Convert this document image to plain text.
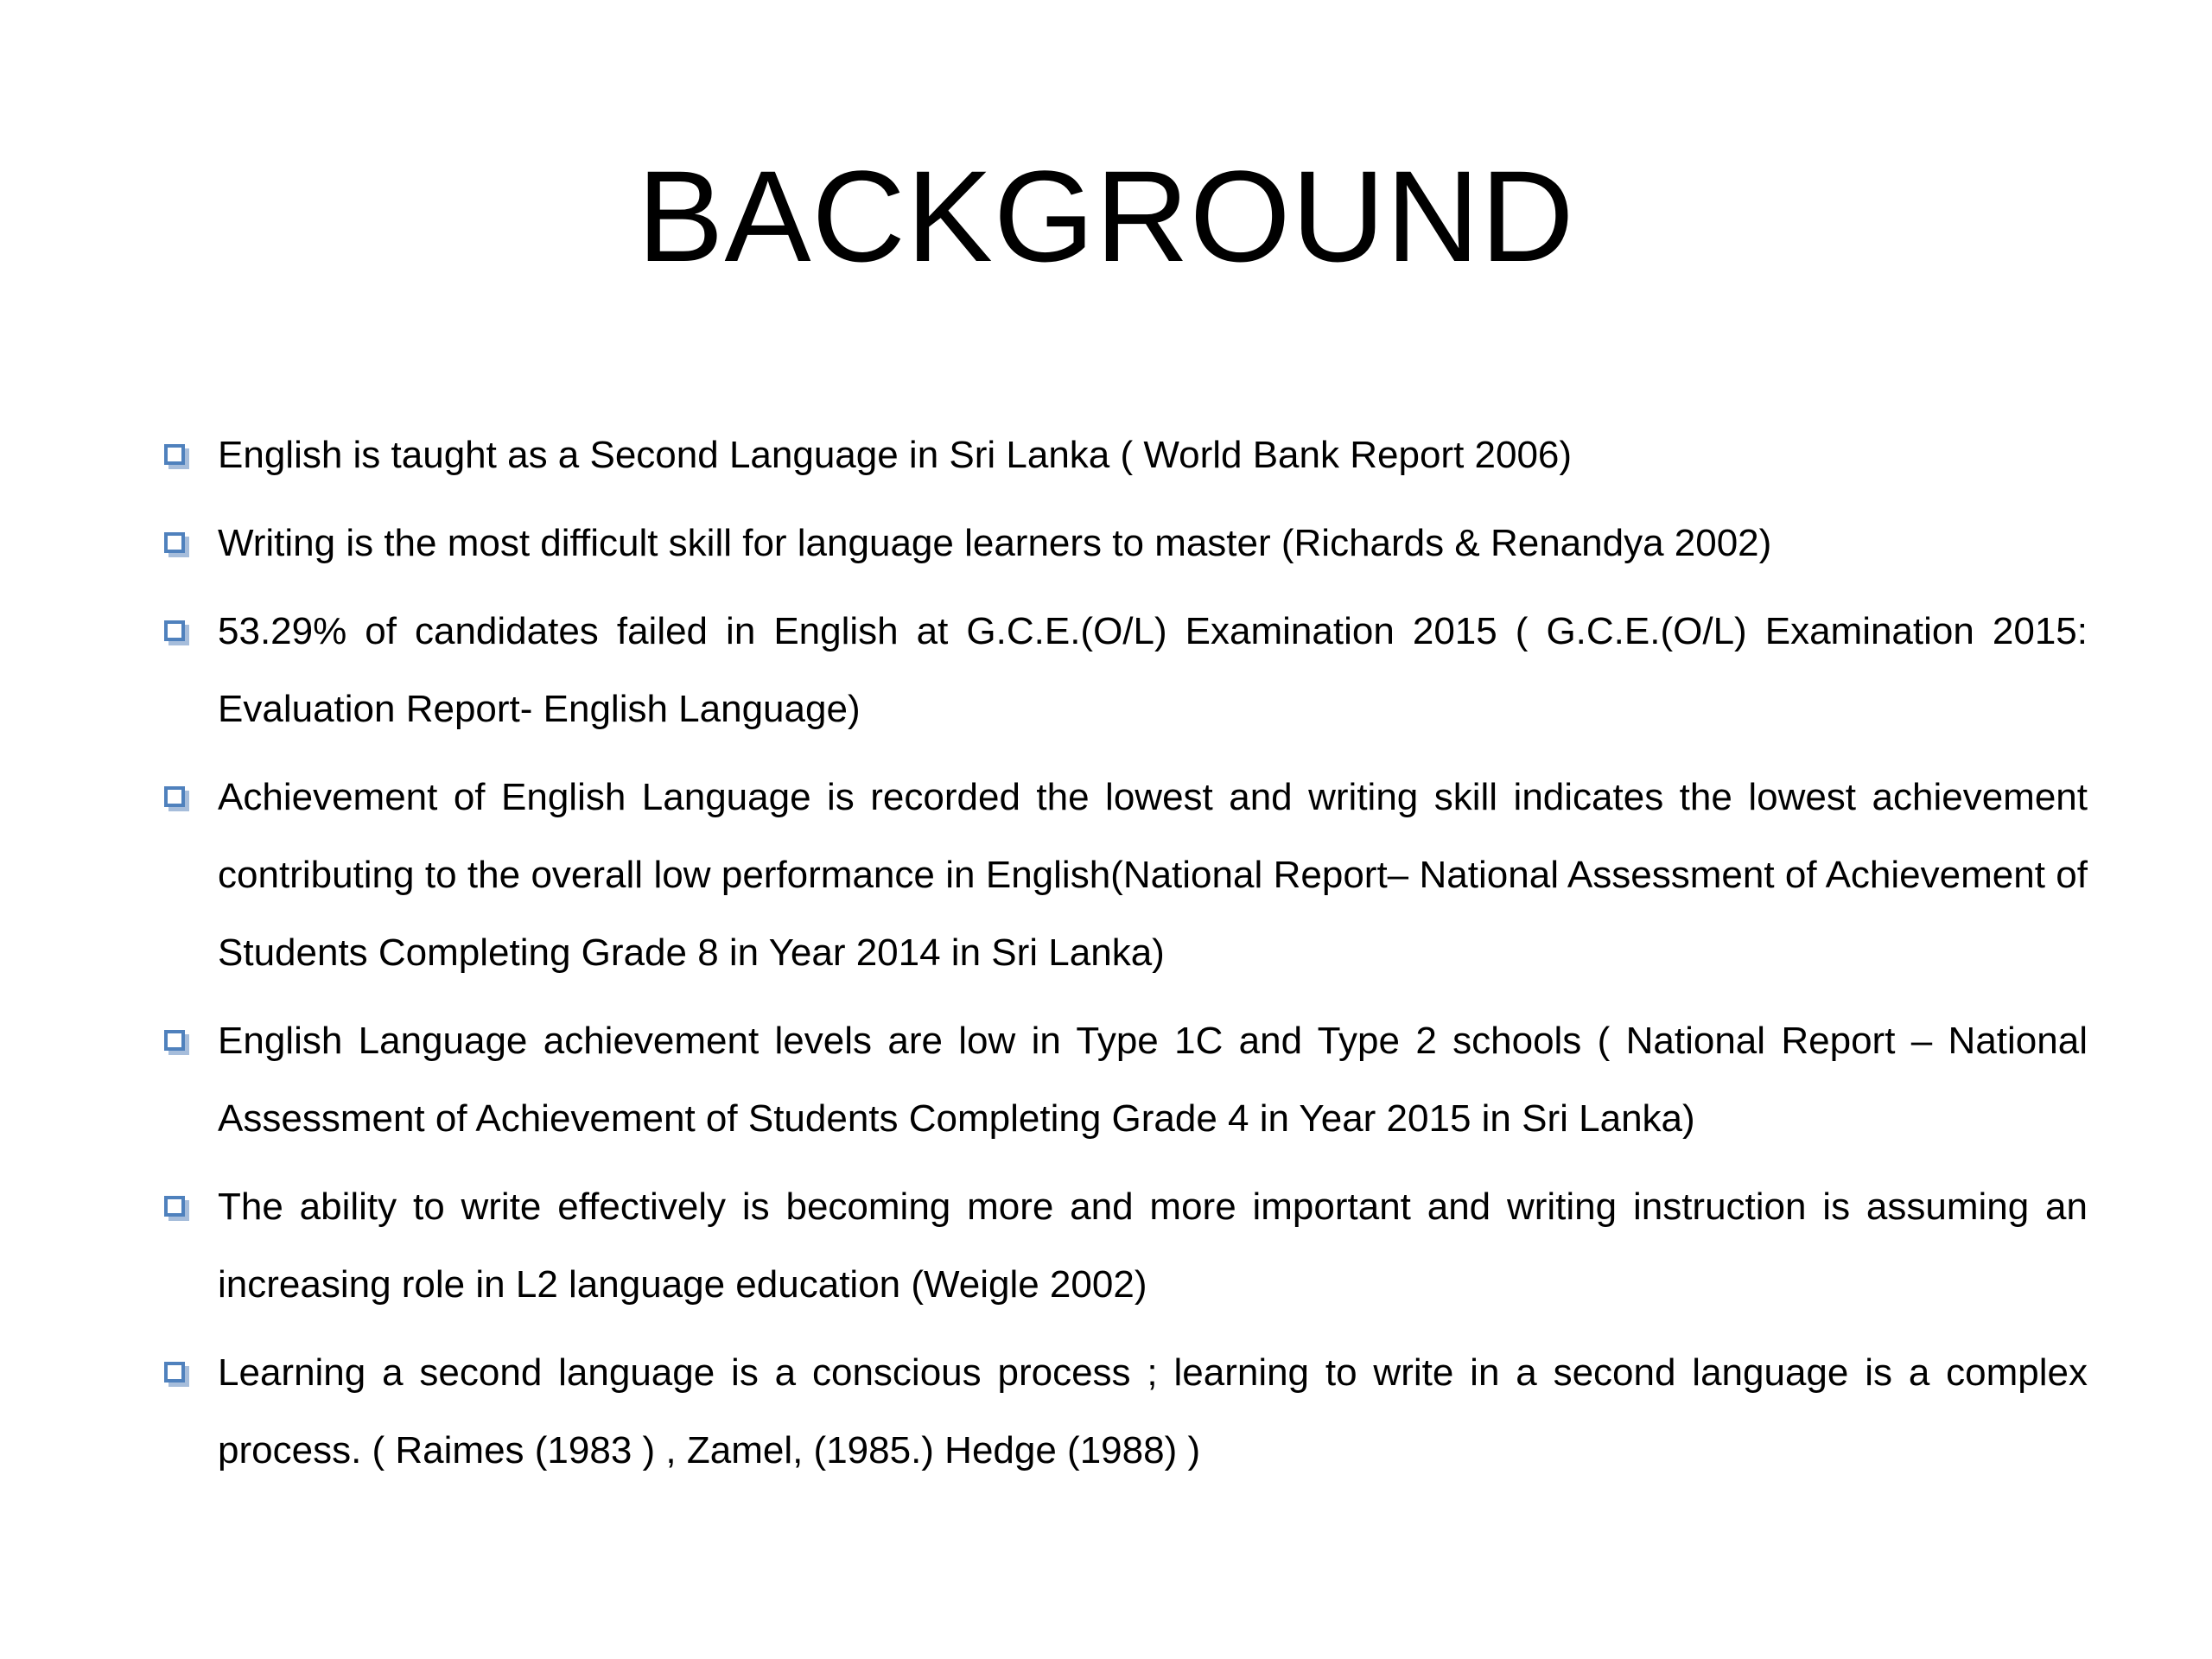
BACKGROUND
English is taught as a Second Language in Sri Lanka ( World Bank Report 2006)
Writing is the most difficult skill for language learners to master (Richards & Renandya 2002)
53.29% of candidates failed in English at G.C.E.(O/L) Examination 2015 ( G.C.E.(O/L) Examination 2015: Evaluation Report- English Language)
Achievement of English Language is recorded the lowest and writing skill indicates the lowest achievement contributing to the overall low performance in English(National Report– National Assessment of Achievement of Students Completing Grade 8 in Year 2014 in Sri Lanka)
English Language achievement levels are low in Type 1C and Type 2 schools ( National Report – National Assessment of Achievement of Students Completing Grade 4 in Year 2015 in Sri Lanka)
The ability to write effectively is becoming more and more important and writing instruction is assuming an increasing role in L2 language education (Weigle 2002)
Learning a second language is a conscious process ; learning to write in a second language is a complex process. ( Raimes (1983 ) , Zamel, (1985.) Hedge (1988) )
